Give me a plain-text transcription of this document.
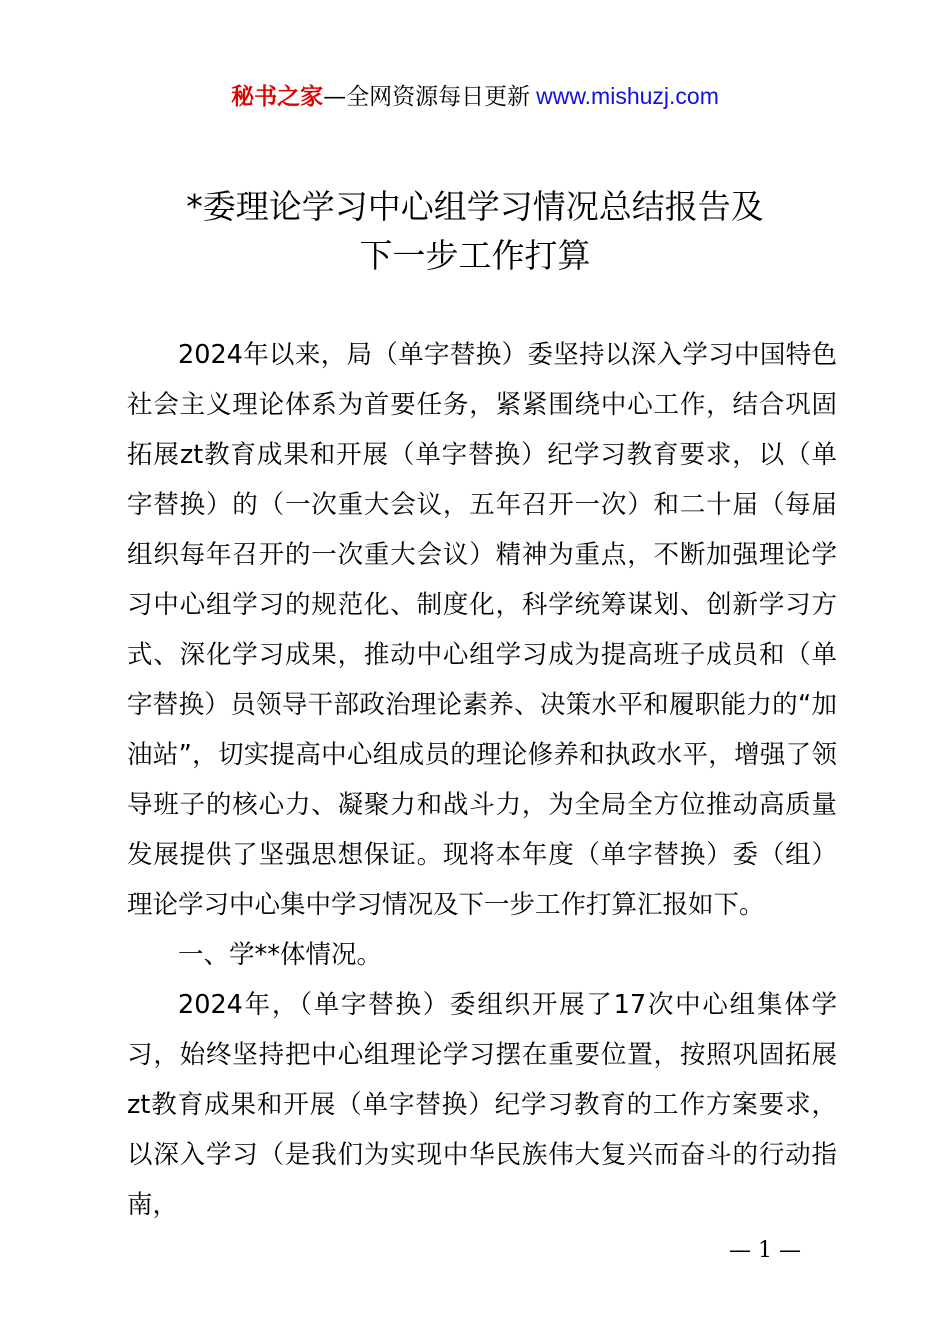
秘书之家—全网资源每日更新 www.mishuzj.com
*委理论学习中心组学习情况总结报告及
下一步工作打算

2024年以来，局（单字替换）委坚持以深入学习中国特色社会主义理论体系为首要任务，紧紧围绕中心工作，结合巩固拓展zt教育成果和开展（单字替换）纪学习教育要求，以（单字替换）的（一次重大会议，五年召开一次）和二十届（每届组织每年召开的一次重大会议）精神为重点，不断加强理论学习中心组学习的规范化、制度化，科学统筹谋划、创新学习方式、深化学习成果，推动中心组学习成为提高班子成员和（单字替换）员领导干部政治理论素养、决策水平和履职能力的“加油站”，切实提高中心组成员的理论修养和执政水平，增强了领导班子的核心力、凝聚力和战斗力，为全局全方位推动高质量发展提供了坚强思想保证。现将本年度（单字替换）委（组）理论学习中心集中学习情况及下一步工作打算汇报如下。

一、学**体情况。

2024年，（单字替换）委组织开展了17次中心组集体学习，始终坚持把中心组理论学习摆在重要位置，按照巩固拓展zt教育成果和开展（单字替换）纪学习教育的工作方案要求，以深入学习（是我们为实现中华民族伟大复兴而奋斗的行动指南，

— 1 —
